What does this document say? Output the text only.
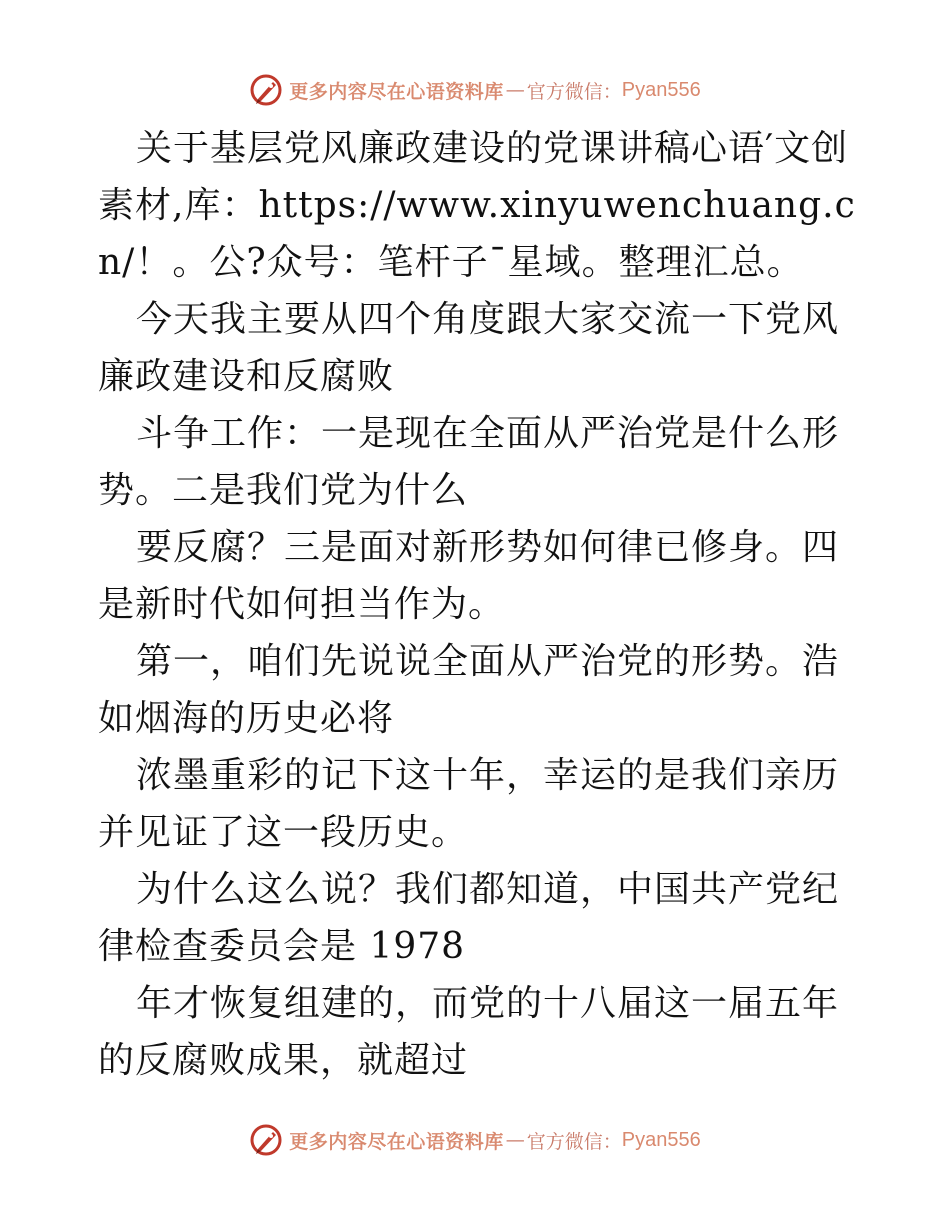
更多内容尽在心语资料库 — 官方微信： Pyan556

关于基层党风廉政建设的党课讲稿心语′文创素材,库：https://www.xinyuwenchuang.cn/！。公?众号：笔杆子¯星域。整理汇总。

今天我主要从四个角度跟大家交流一下党风廉政建设和反腐败

斗争工作：一是现在全面从严治党是什么形势。二是我们党为什么

要反腐？三是面对新形势如何律已修身。四是新时代如何担当作为。

第一，咱们先说说全面从严治党的形势。浩如烟海的历史必将

浓墨重彩的记下这十年，幸运的是我们亲历并见证了这一段历史。

为什么这么说？我们都知道，中国共产党纪律检查委员会是 1978

年才恢复组建的，而党的十八届这一届五年的反腐败成果，就超过

更多内容尽在心语资料库 — 官方微信： Pyan556
